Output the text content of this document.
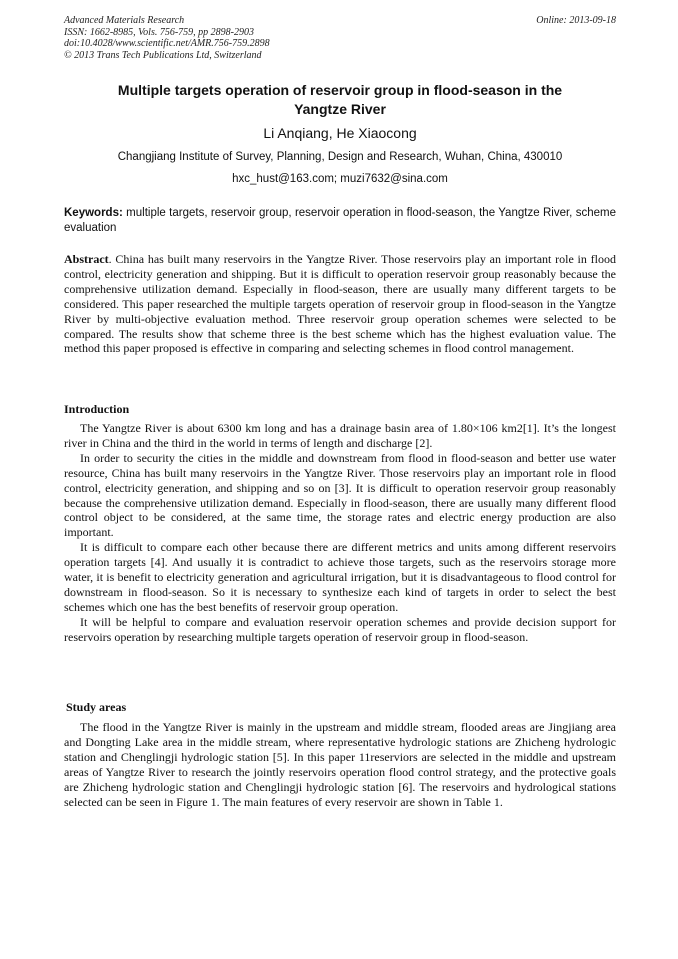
Advanced Materials Research
ISSN: 1662-8985, Vols. 756-759, pp 2898-2903
doi:10.4028/www.scientific.net/AMR.756-759.2898
© 2013 Trans Tech Publications Ltd, Switzerland
Online: 2013-09-18
Multiple targets operation of reservoir group in flood-season in the
Yangtze River
Li Anqiang, He Xiaocong
Changjiang Institute of Survey, Planning, Design and Research, Wuhan, China, 430010
hxc_hust@163.com; muzi7632@sina.com
Keywords: multiple targets, reservoir group, reservoir operation in flood-season, the Yangtze River, scheme evaluation
Abstract. China has built many reservoirs in the Yangtze River. Those reservoirs play an important role in flood control, electricity generation and shipping. But it is difficult to operation reservoir group reasonably because the comprehensive utilization demand. Especially in flood-season, there are usually many different targets to be considered. This paper researched the multiple targets operation of reservoir group in flood-season in the Yangtze River by multi-objective evaluation method. Three reservoir group operation schemes were selected to be compared. The results show that scheme three is the best scheme which has the highest evaluation value. The method this paper proposed is effective in comparing and selecting schemes in flood control management.
Introduction

The Yangtze River is about 6300 km long and has a drainage basin area of 1.80×106 km2[1]. It’s the longest river in China and the third in the world in terms of length and discharge [2].

In order to security the cities in the middle and downstream from flood in flood-season and better use water resource, China has built many reservoirs in the Yangtze River. Those reservoirs play an important role in flood control, electricity generation, and shipping and so on [3]. It is difficult to operation reservoir group reasonably because the comprehensive utilization demand. Especially in flood-season, there are usually many different flood control object to be considered, at the same time, the storage rates and electric energy production are also important.

It is difficult to compare each other because there are different metrics and units among different reservoirs operation targets [4]. And usually it is contradict to achieve those targets, such as the reservoirs storage more water, it is benefit to electricity generation and agricultural irrigation, but it is disadvantageous to flood control for downstream in flood-season. So it is necessary to synthesize each kind of targets in order to select the best schemes which one has the best benefits of reservoir group operation.

It will be helpful to compare and evaluation reservoir operation schemes and provide decision support for reservoirs operation by researching multiple targets operation of reservoir group in flood-season.

Study areas

The flood in the Yangtze River is mainly in the upstream and middle stream, flooded areas are Jingjiang area and Dongting Lake area in the middle stream, where representative hydrologic stations are Zhicheng hydrologic station and Chenglingji hydrologic station [5]. In this paper 11reserviors are selected in the middle and upstream areas of Yangtze River to research the jointly reservoirs operation flood control strategy, and the protective goals are Zhicheng hydrologic station and Chenglingji hydrologic station [6]. The reservoirs and hydrological stations selected can be seen in Figure 1. The main features of every reservoir are shown in Table 1.
